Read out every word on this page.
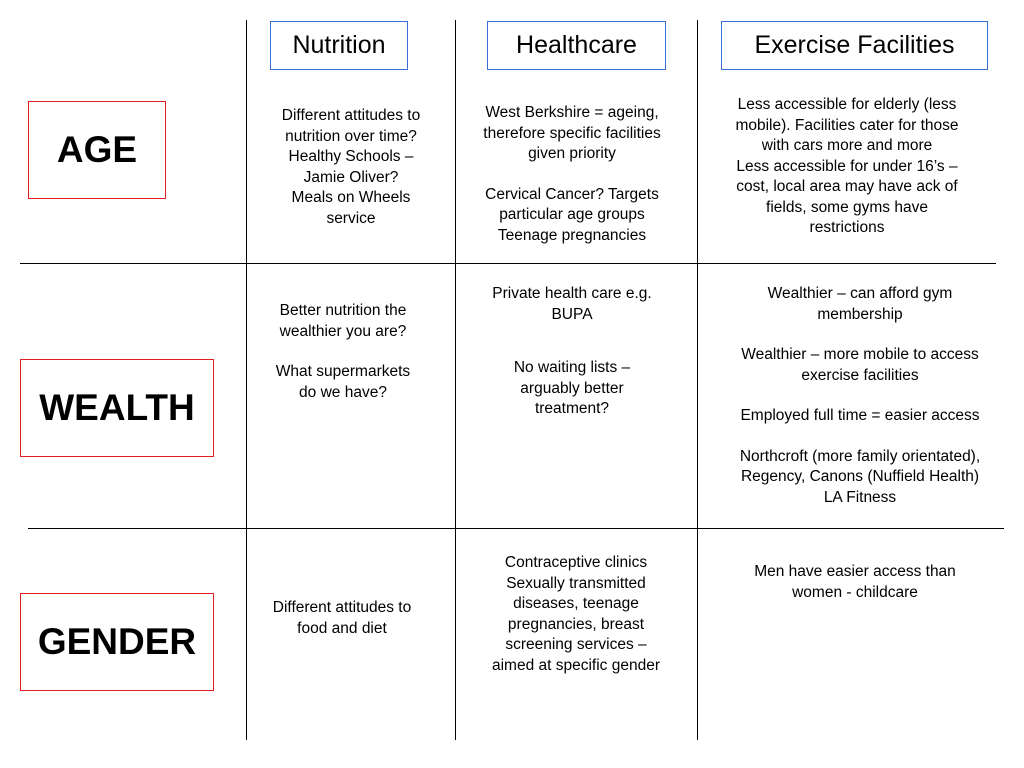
Nutrition	Healthcare	Exercise Facilities
AGE
WEALTH
GENDER

Different attitudes to
nutrition over time?
Healthy Schools –
Jamie Oliver?
Meals on Wheels
service

West Berkshire = ageing,
therefore specific facilities
given priority

Cervical Cancer? Targets
particular age groups
Teenage pregnancies

Less accessible for elderly (less
mobile). Facilities cater for those
with cars more and more
Less accessible for under 16’s –
cost, local area may have ack of
fields, some gyms have
restrictions

Better nutrition the
wealthier you are?

What supermarkets
do we have?

Private health care e.g.
BUPA

No waiting lists –
arguably better
treatment?

Wealthier – can afford gym
membership

Wealthier – more mobile to access
exercise facilities

Employed full time = easier access

Northcroft (more family orientated),
Regency, Canons (Nuffield Health)
LA Fitness

Different attitudes to
food and diet

Contraceptive clinics
Sexually transmitted
diseases, teenage
pregnancies, breast
screening services –
aimed at specific gender

Men have easier access than
women - childcare
